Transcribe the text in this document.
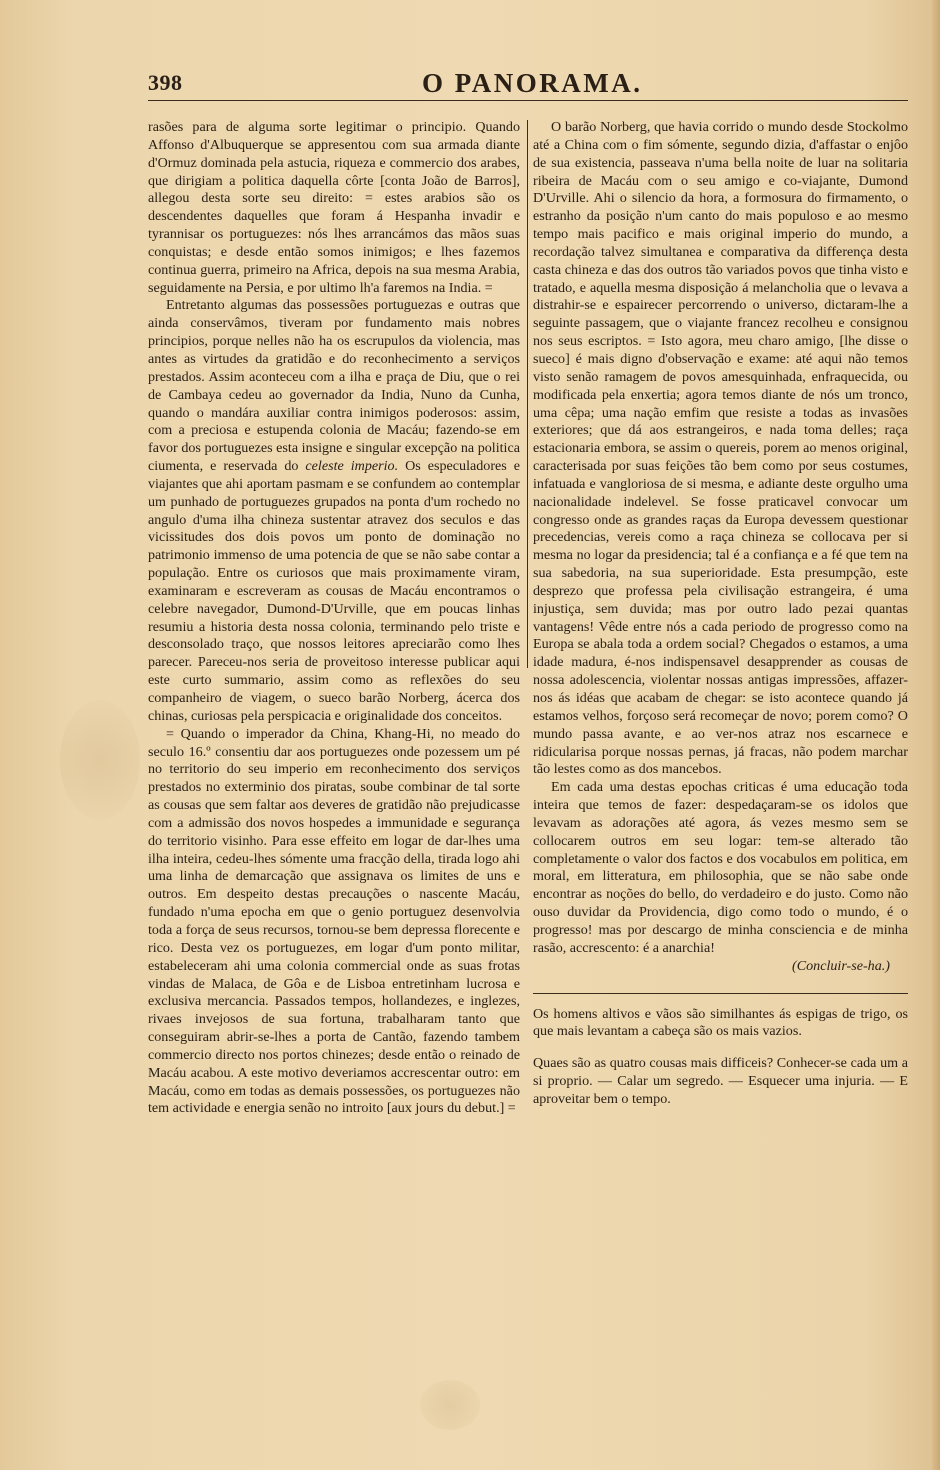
398	O PANORAMA.

rasões para de alguma sorte legitimar o principio. Quando Affonso d'Albuquerque se appresentou com sua armada diante d'Ormuz dominada pela astucia, riqueza e commercio dos arabes, que dirigiam a politica daquella côrte [conta João de Barros], allegou desta sorte seu direito: = estes arabios são os descendentes daquelles que foram á Hespanha invadir e tyrannisar os portuguezes: nós lhes arrancámos das mãos suas conquistas; e desde então somos inimigos; e lhes fazemos continua guerra, primeiro na Africa, depois na sua mesma Arabia, seguidamente na Persia, e por ultimo lh'a faremos na India. =

Entretanto algumas das possessões portuguezas e outras que ainda conservâmos, tiveram por fundamento mais nobres principios, porque nelles não ha os escrupulos da violencia, mas antes as virtudes da gratidão e do reconhecimento a serviços prestados. Assim aconteceu com a ilha e praça de Diu, que o rei de Cambaya cedeu ao governador da India, Nuno da Cunha, quando o mandára auxiliar contra inimigos poderosos: assim, com a preciosa e estupenda colonia de Macáu; fazendo-se em favor dos portuguezes esta insigne e singular excepção na politica ciumenta, e reservada do celeste imperio. Os especuladores e viajantes que ahi aportam pasmam e se confundem ao contemplar um punhado de portuguezes grupados na ponta d'um rochedo no angulo d'uma ilha chineza sustentar atravez dos seculos e das vicissitudes dos dois povos um ponto de dominação no patrimonio immenso de uma potencia de que se não sabe contar a população. Entre os curiosos que mais proximamente viram, examinaram e escreveram as cousas de Macáu encontramos o celebre navegador, Dumond-D'Urville, que em poucas linhas resumiu a historia desta nossa colonia, terminando pelo triste e desconsolado traço, que nossos leitores apreciarão como lhes parecer. Pareceu-nos seria de proveitoso interesse publicar aqui este curto summario, assim como as reflexões do seu companheiro de viagem, o sueco barão Norberg, ácerca dos chinas, curiosas pela perspicacia e originalidade dos conceitos.

= Quando o imperador da China, Khang-Hi, no meado do seculo 16.º consentiu dar aos portuguezes onde pozessem um pé no territorio do seu imperio em reconhecimento dos serviços prestados no exterminio dos piratas, soube combinar de tal sorte as cousas que sem faltar aos deveres de gratidão não prejudicasse com a admissão dos novos hospedes a immunidade e segurança do territorio visinho. Para esse effeito em logar de dar-lhes uma ilha inteira, cedeu-lhes sómente uma fracção della, tirada logo ahi uma linha de demarcação que assignava os limites de uns e outros. Em despeito destas precauções o nascente Macáu, fundado n'uma epocha em que o genio portuguez desenvolvia toda a força de seus recursos, tornou-se bem depressa florecente e rico. Desta vez os portuguezes, em logar d'um ponto militar, estabeleceram ahi uma colonia commercial onde as suas frotas vindas de Malaca, de Gôa e de Lisboa entretinham lucrosa e exclusiva mercancia. Passados tempos, hollandezes, e inglezes, rivaes invejosos de sua fortuna, trabalharam tanto que conseguiram abrir-se-lhes a porta de Cantão, fazendo tambem commercio directo nos portos chinezes; desde então o reinado de Macáu acabou. A este motivo deveriamos accrescentar outro: em Macáu, como em todas as demais possessões, os portuguezes não tem actividade e energia senão no introito [aux jours du debut.] =

O barão Norberg, que havia corrido o mundo desde Stockolmo até a China com o fim sómente, segundo dizia, d'affastar o enjôo de sua existencia, passeava n'uma bella noite de luar na solitaria ribeira de Macáu com o seu amigo e co-viajante, Dumond D'Urville. Ahi o silencio da hora, a formosura do firmamento, o estranho da posição n'um canto do mais populoso e ao mesmo tempo mais pacifico e mais original imperio do mundo, a recordação talvez simultanea e comparativa da differença desta casta chineza e das dos outros tão variados povos que tinha visto e tratado, e aquella mesma disposição á melancholia que o levava a distrahir-se e espairecer percorrendo o universo, dictaram-lhe a seguinte passagem, que o viajante francez recolheu e consignou nos seus escriptos. = Isto agora, meu charo amigo, [lhe disse o sueco] é mais digno d'observação e exame: até aqui não temos visto senão ramagem de povos amesquinhada, enfraquecida, ou modificada pela enxertia; agora temos diante de nós um tronco, uma cêpa; uma nação emfim que resiste a todas as invasões exteriores; que dá aos estrangeiros, e nada toma delles; raça estacionaria embora, se assim o quereis, porem ao menos original, caracterisada por suas feições tão bem como por seus costumes, infatuada e vangloriosa de si mesma, e adiante deste orgulho uma nacionalidade indelevel. Se fosse praticavel convocar um congresso onde as grandes raças da Europa devessem questionar precedencias, vereis como a raça chineza se collocava per si mesma no logar da presidencia; tal é a confiança e a fé que tem na sua sabedoria, na sua superioridade. Esta presumpção, este desprezo que professa pela civilisação estrangeira, é uma injustiça, sem duvida; mas por outro lado pezai quantas vantagens! Vêde entre nós a cada periodo de progresso como na Europa se abala toda a ordem social? Chegados o estamos, a uma idade madura, é-nos indispensavel desapprender as cousas de nossa adolescencia, violentar nossas antigas impressões, affazer-nos ás idéas que acabam de chegar: se isto acontece quando já estamos velhos, forçoso será recomeçar de novo; porem como? O mundo passa avante, e ao ver-nos atraz nos escarnece e ridicularisa porque nossas pernas, já fracas, não podem marchar tão lestes como as dos mancebos.

Em cada uma destas epochas criticas é uma educação toda inteira que temos de fazer: despedaçaram-se os idolos que levavam as adorações até agora, ás vezes mesmo sem se collocarem outros em seu logar: tem-se alterado tão completamente o valor dos factos e dos vocabulos em politica, em moral, em litteratura, em philosophia, que se não sabe onde encontrar as noções do bello, do verdadeiro e do justo. Como não ouso duvidar da Providencia, digo como todo o mundo, é o progresso! mas por descargo de minha consciencia e de minha rasão, accrescento: é a anarchia!

(Concluir-se-ha.)

Os homens altivos e vãos são similhantes ás espigas de trigo, os que mais levantam a cabeça são os mais vazios.

Quaes são as quatro cousas mais difficeis? Conhecer-se cada um a si proprio. — Calar um segredo. — Esquecer uma injuria. — E aproveitar bem o tempo.
